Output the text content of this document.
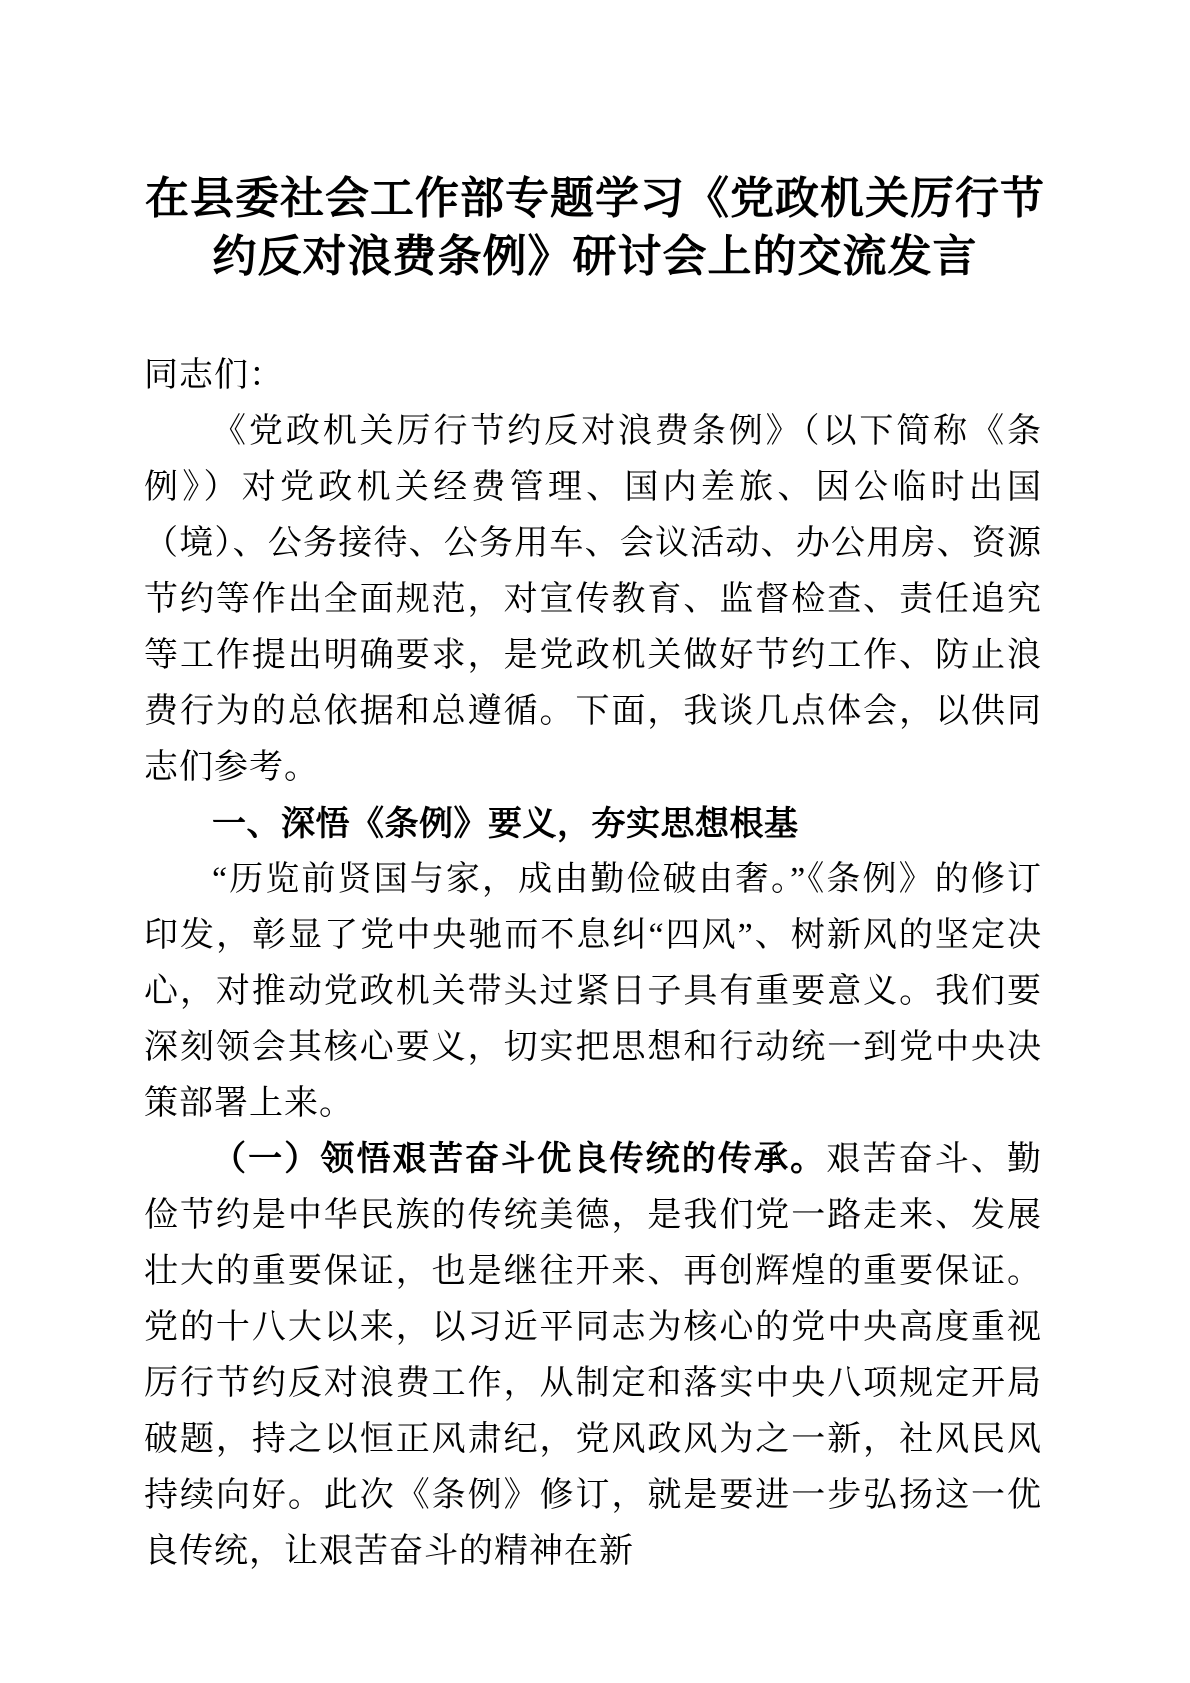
在县委社会工作部专题学习《党政机关厉行节
约反对浪费条例》研讨会上的交流发言

同志们：

《党政机关厉行节约反对浪费条例》（以下简称《条例》）对党政机关经费管理、国内差旅、因公临时出国（境）、公务接待、公务用车、会议活动、办公用房、资源节约等作出全面规范，对宣传教育、监督检查、责任追究等工作提出明确要求，是党政机关做好节约工作、防止浪费行为的总依据和总遵循。下面，我谈几点体会，以供同志们参考。

一、深悟《条例》要义，夯实思想根基

“历览前贤国与家，成由勤俭破由奢。”《条例》的修订印发，彰显了党中央驰而不息纠“四风”、树新风的坚定决心，对推动党政机关带头过紧日子具有重要意义。我们要深刻领会其核心要义，切实把思想和行动统一到党中央决策部署上来。

（一）领悟艰苦奋斗优良传统的传承。艰苦奋斗、勤俭节约是中华民族的传统美德，是我们党一路走来、发展壮大的重要保证，也是继往开来、再创辉煌的重要保证。党的十八大以来，以习近平同志为核心的党中央高度重视厉行节约反对浪费工作，从制定和落实中央八项规定开局破题，持之以恒正风肃纪，党风政风为之一新，社风民风持续向好。此次《条例》修订，就是要进一步弘扬这一优良传统，让艰苦奋斗的精神在新
